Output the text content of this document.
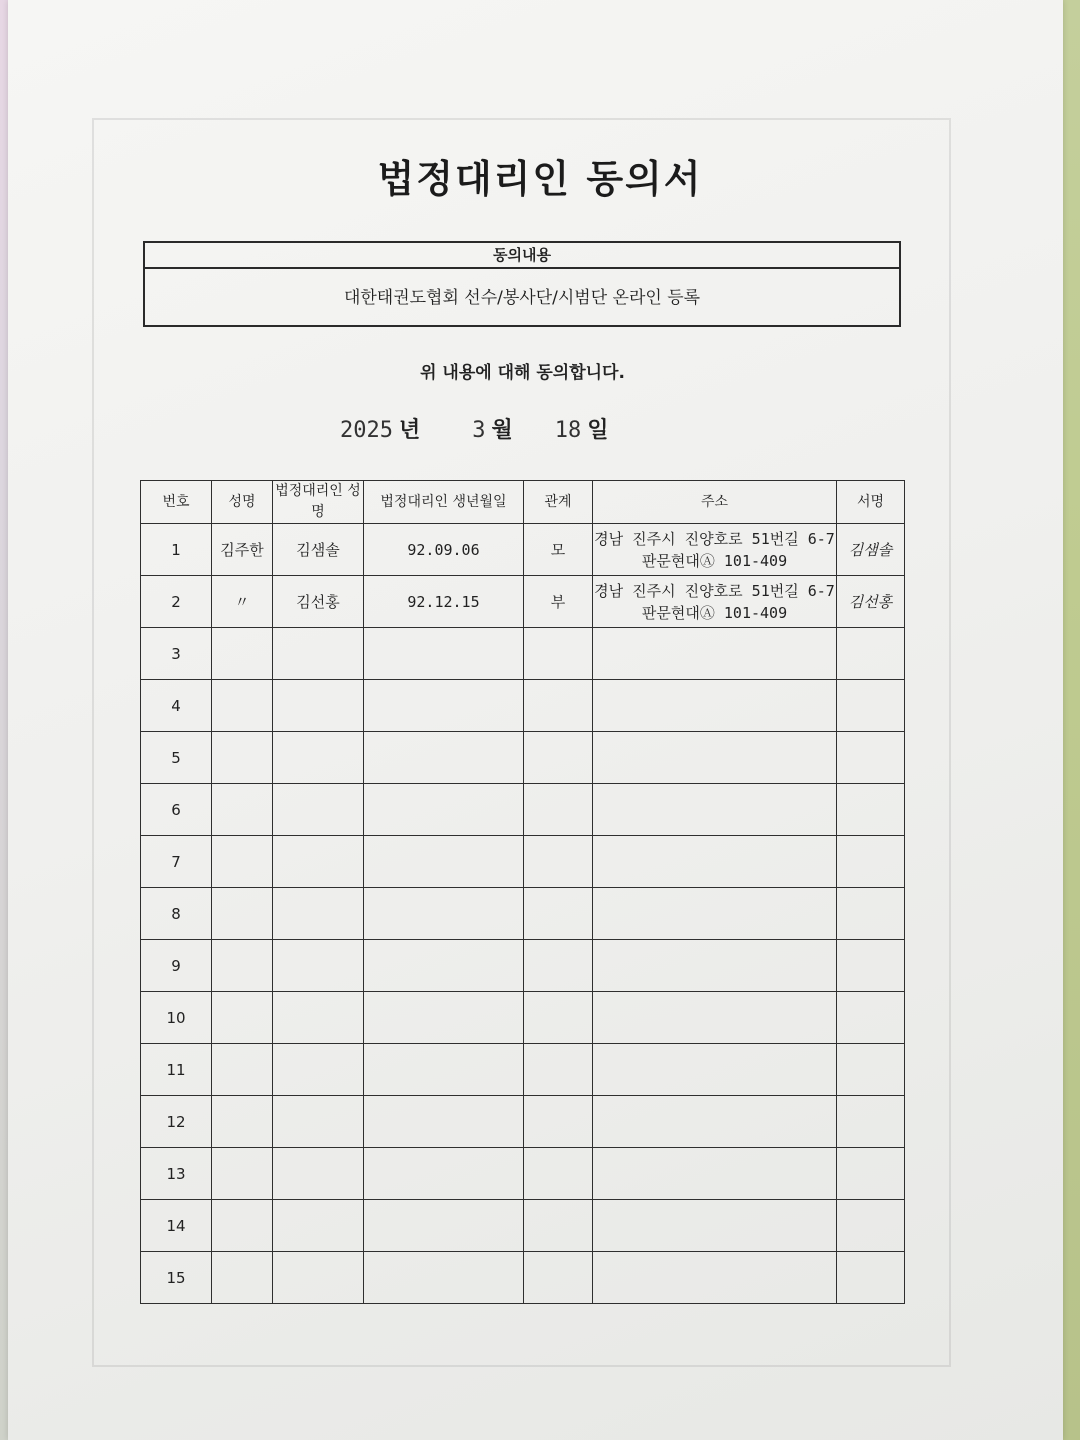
법정대리인 동의서
동의내용
대한태권도협회 선수/봉사단/시범단 온라인 등록
위 내용에 대해 동의합니다.
2025 년 3 월 18 일
번호	성명	법정대리인 성명	법정대리인 생년월일	관계	주소	서명
1	김주한	김샘솔	92.09.06	모	경남 진주시 진양호로 51번길 6-7
판문현대Ⓐ 101-409	김샘솔
2	〃	김선홍	92.12.15	부	경남 진주시 진양호로 51번길 6-7
판문현대Ⓐ 101-409	김선홍
3						
4						
5						
6						
7						
8						
9						
10						
11						
12						
13						
14						
15						
